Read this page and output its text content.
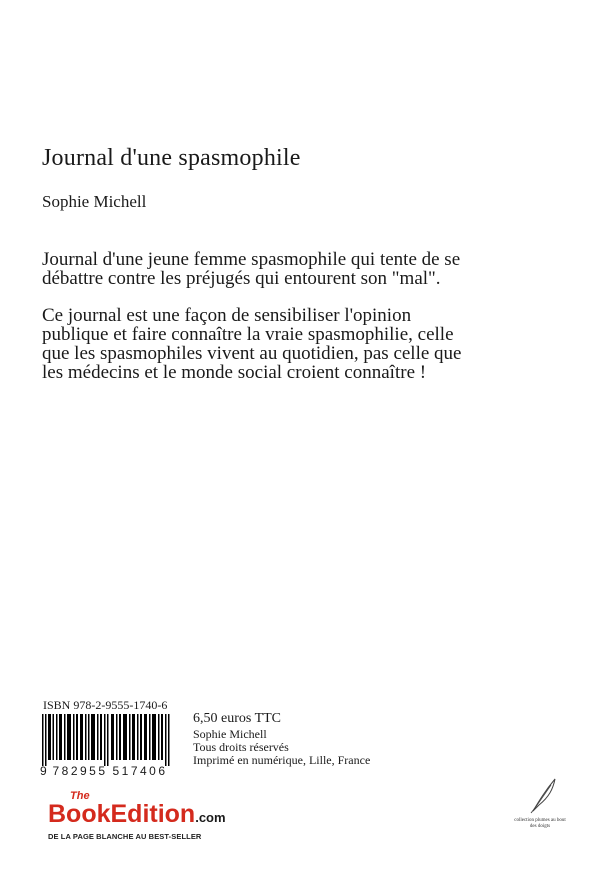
Journal d'une spasmophile
Sophie Michell

Journal d'une jeune femme spasmophile qui tente de se débattre contre les préjugés qui entourent son "mal".

Ce journal est une façon de sensibiliser l'opinion publique et faire connaître la vraie spasmophilie, celle que les spasmophiles vivent au quotidien, pas celle que les médecins et le monde social croient connaître !

ISBN 978-2-9555-1740-6
9 782955 517406
6,50 euros TTC
Sophie Michell
Tous droits réservés
Imprimé en numérique, Lille, France
The
BookEdition.com
DE LA PAGE BLANCHE AU BEST-SELLER
collection plumes au bout des doigts
